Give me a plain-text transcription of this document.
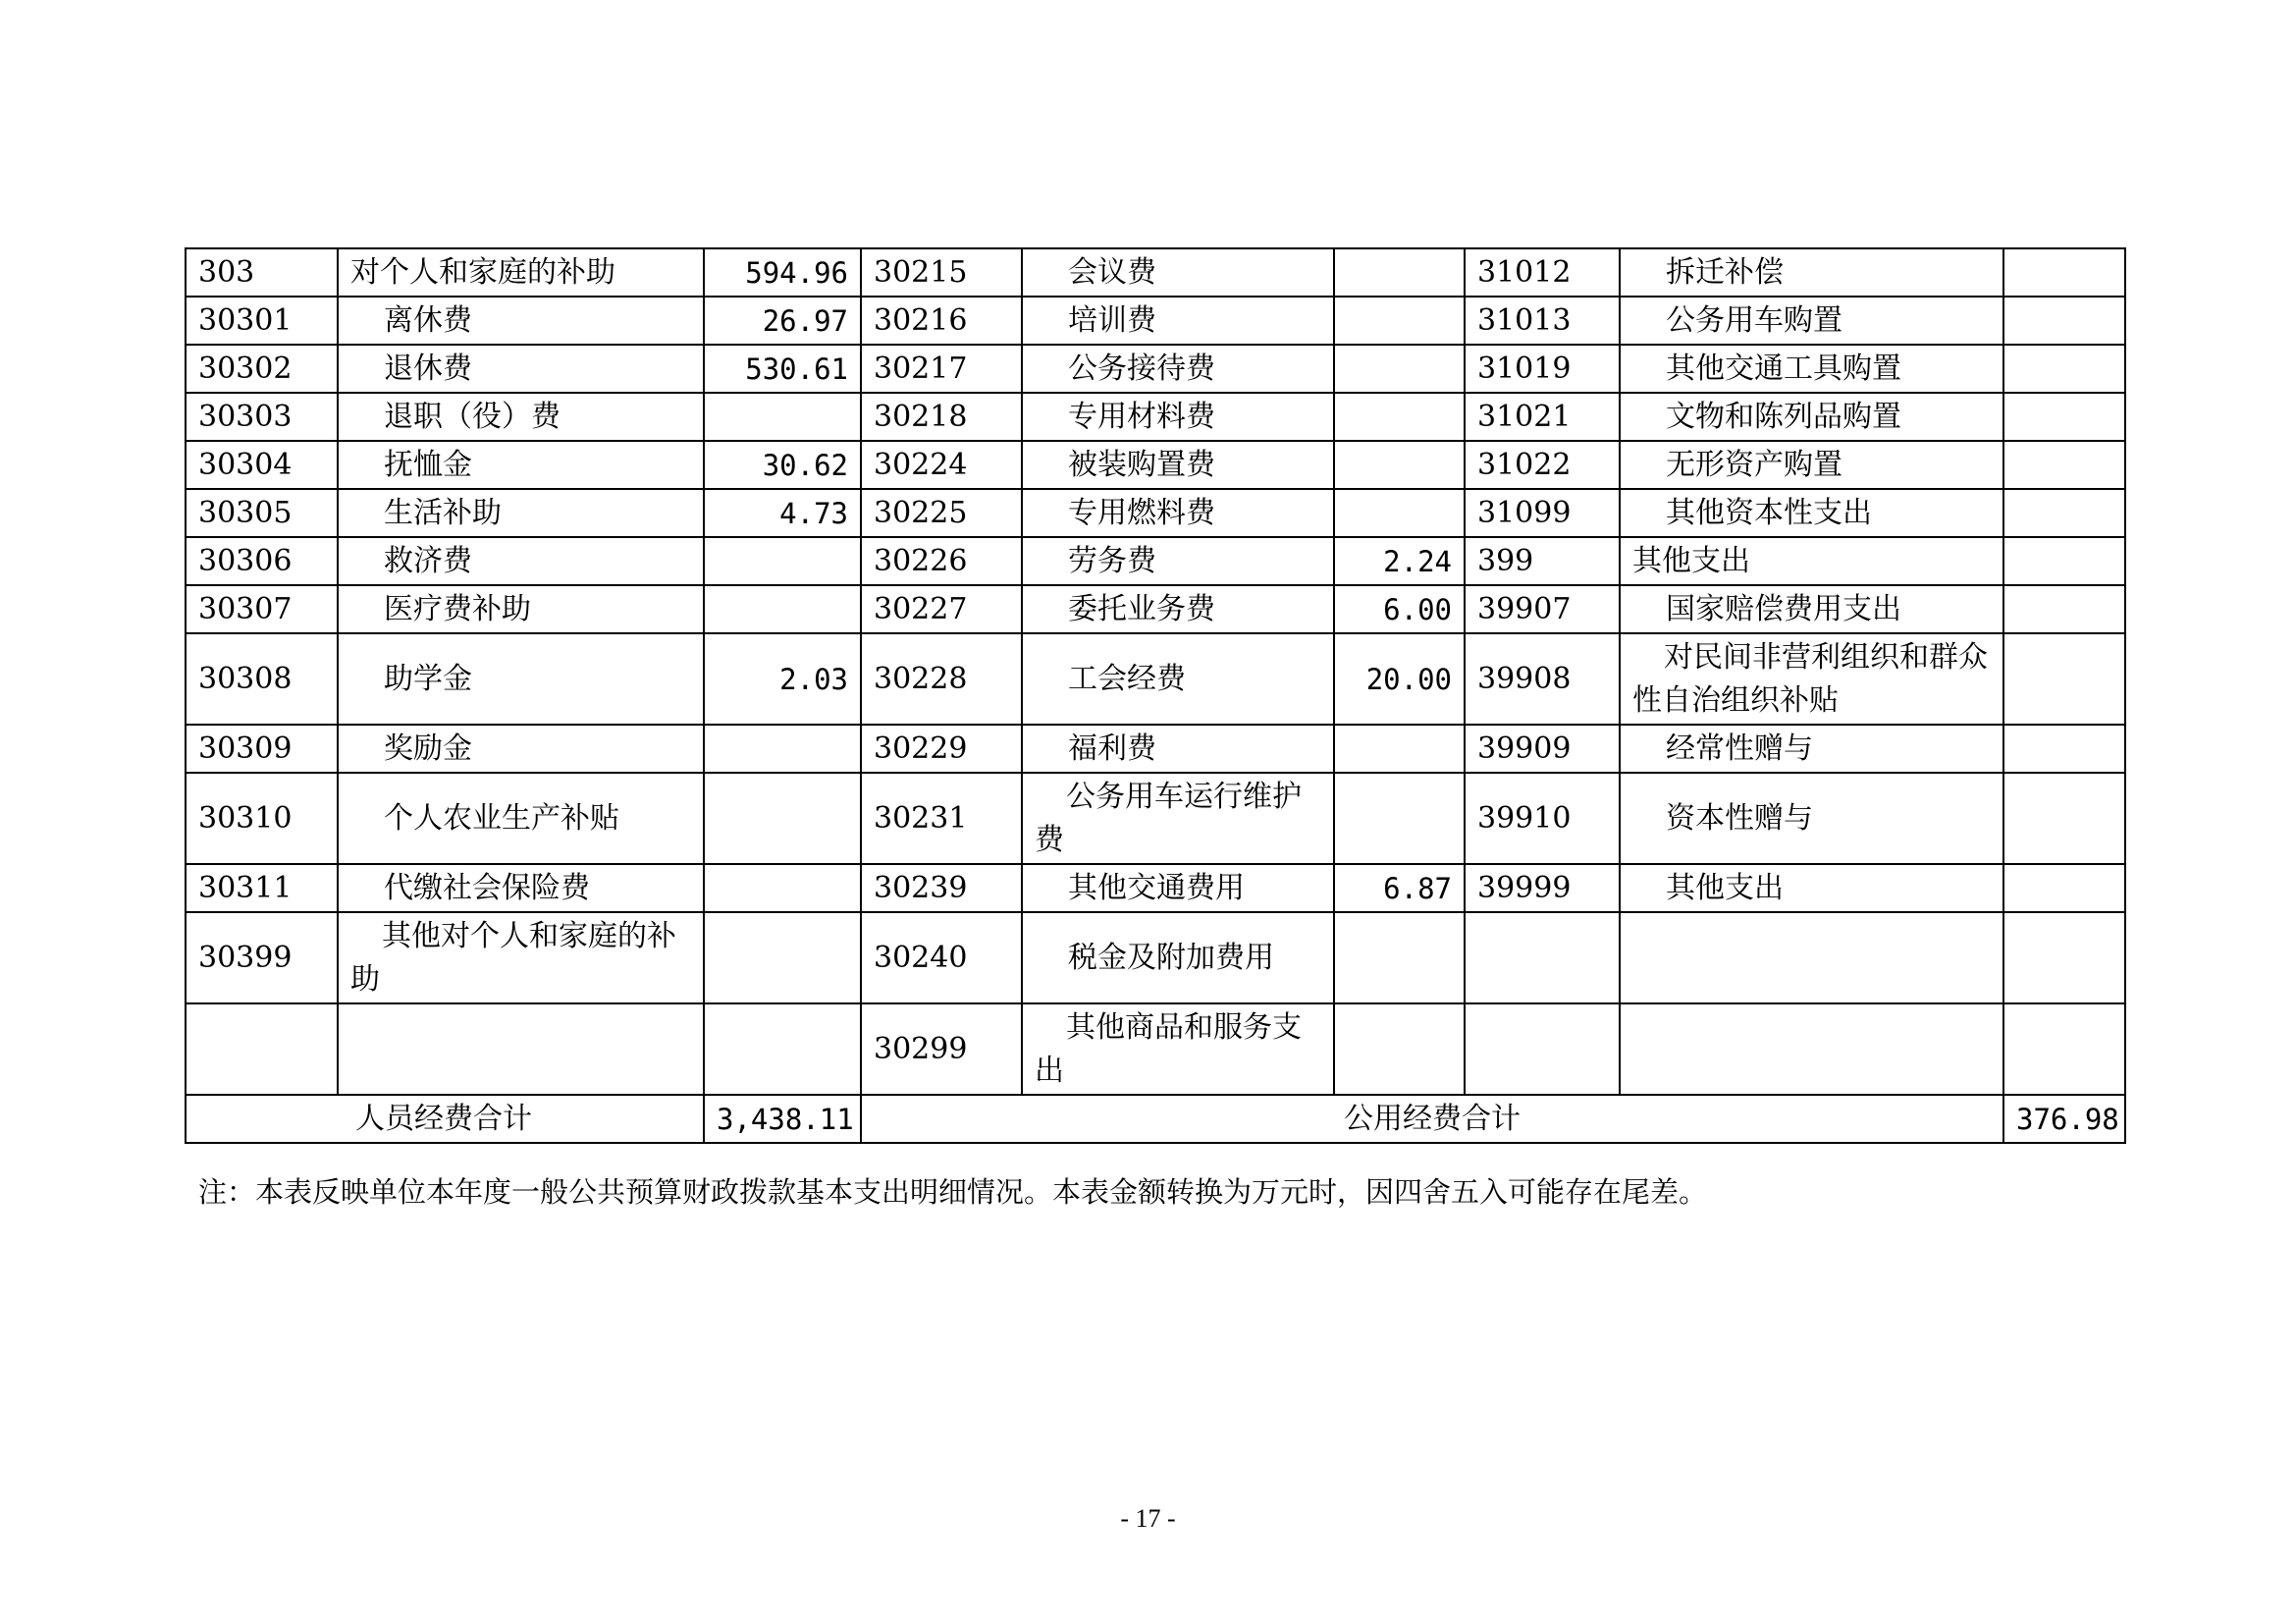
303	对个人和家庭的补助	594.96	30215	会议费		31012	拆迁补偿	
30301	离休费	26.97	30216	培训费		31013	公务用车购置	
30302	退休费	530.61	30217	公务接待费		31019	其他交通工具购置	
30303	退职（役）费		30218	专用材料费		31021	文物和陈列品购置	
30304	抚恤金	30.62	30224	被装购置费		31022	无形资产购置	
30305	生活补助	4.73	30225	专用燃料费		31099	其他资本性支出	
30306	救济费		30226	劳务费	2.24	399	其他支出	
30307	医疗费补助		30227	委托业务费	6.00	39907	国家赔偿费用支出	
30308	助学金	2.03	30228	工会经费	20.00	39908	对民间非营利组织和群众性自治组织补贴	
30309	奖励金		30229	福利费		39909	经常性赠与	
30310	个人农业生产补贴		30231	公务用车运行维护费		39910	资本性赠与	
30311	代缴社会保险费		30239	其他交通费用	6.87	39999	其他支出	
30399	其他对个人和家庭的补助		30240	税金及附加费用				
			30299	其他商品和服务支出				
人员经费合计		3,438.11	公用经费合计					376.98
注：本表反映单位本年度一般公共预算财政拨款基本支出明细情况。本表金额转换为万元时，因四舍五入可能存在尾差。
- 17 -
